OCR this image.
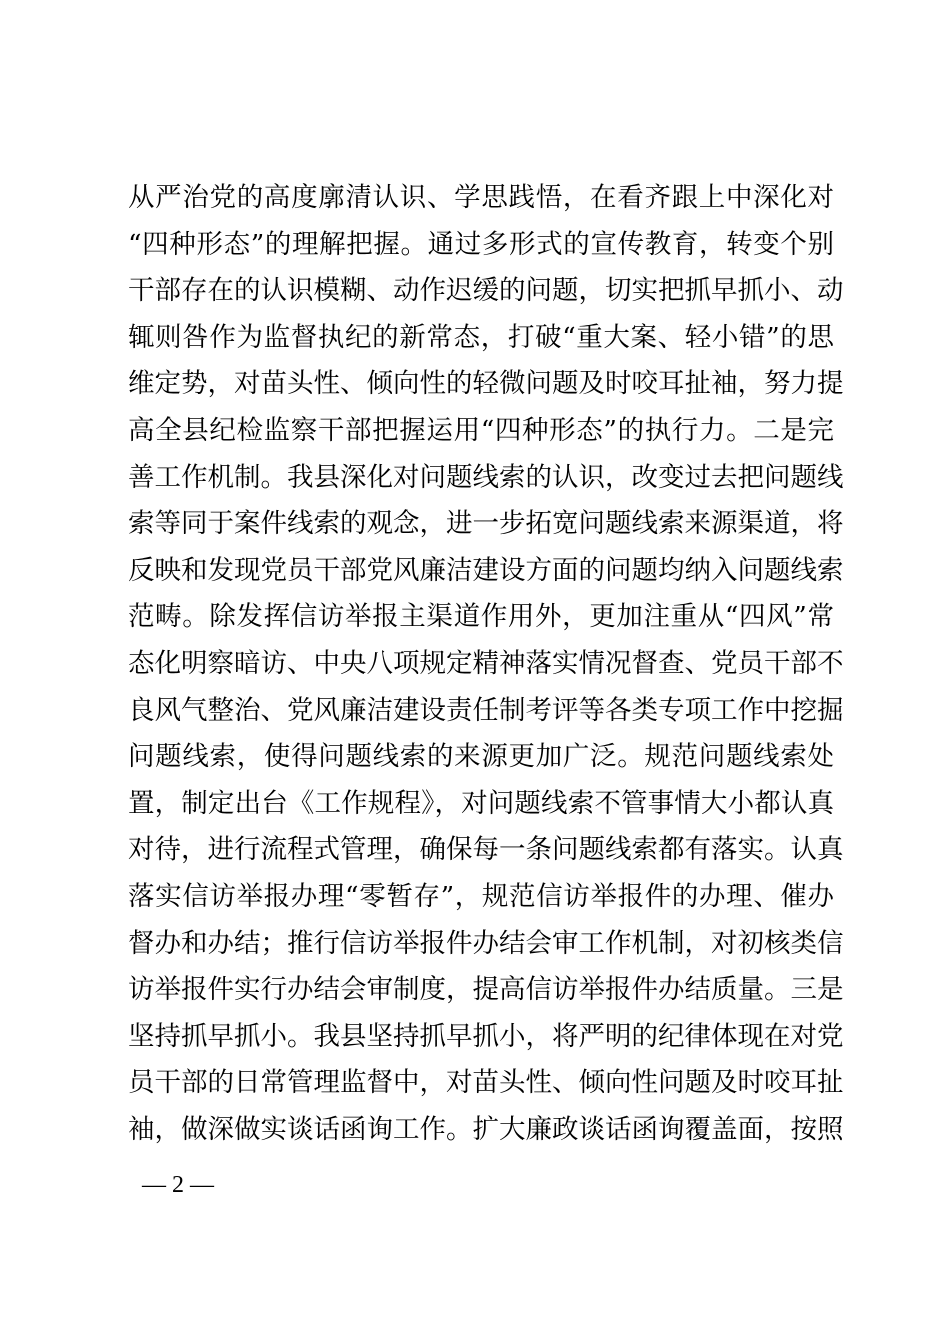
从严治党的高度廓清认识、学思践悟，在看齐跟上中深化对
“四种形态”的理解把握。通过多形式的宣传教育，转变个别
干部存在的认识模糊、动作迟缓的问题，切实把抓早抓小、动
辄则咎作为监督执纪的新常态，打破“重大案、轻小错”的思
维定势，对苗头性、倾向性的轻微问题及时咬耳扯袖，努力提
高全县纪检监察干部把握运用“四种形态”的执行力。二是完
善工作机制。我县深化对问题线索的认识，改变过去把问题线
索等同于案件线索的观念，进一步拓宽问题线索来源渠道，将
反映和发现党员干部党风廉洁建设方面的问题均纳入问题线索
范畴。除发挥信访举报主渠道作用外，更加注重从“四风”常
态化明察暗访、中央八项规定精神落实情况督查、党员干部不
良风气整治、党风廉洁建设责任制考评等各类专项工作中挖掘
问题线索，使得问题线索的来源更加广泛。规范问题线索处
置，制定出台《工作规程》，对问题线索不管事情大小都认真
对待，进行流程式管理，确保每一条问题线索都有落实。认真
落实信访举报办理“零暂存”，规范信访举报件的办理、催办
督办和办结；推行信访举报件办结会审工作机制，对初核类信
访举报件实行办结会审制度，提高信访举报件办结质量。三是
坚持抓早抓小。我县坚持抓早抓小，将严明的纪律体现在对党
员干部的日常管理监督中，对苗头性、倾向性问题及时咬耳扯
袖，做深做实谈话函询工作。扩大廉政谈话函询覆盖面，按照
— 2 —
